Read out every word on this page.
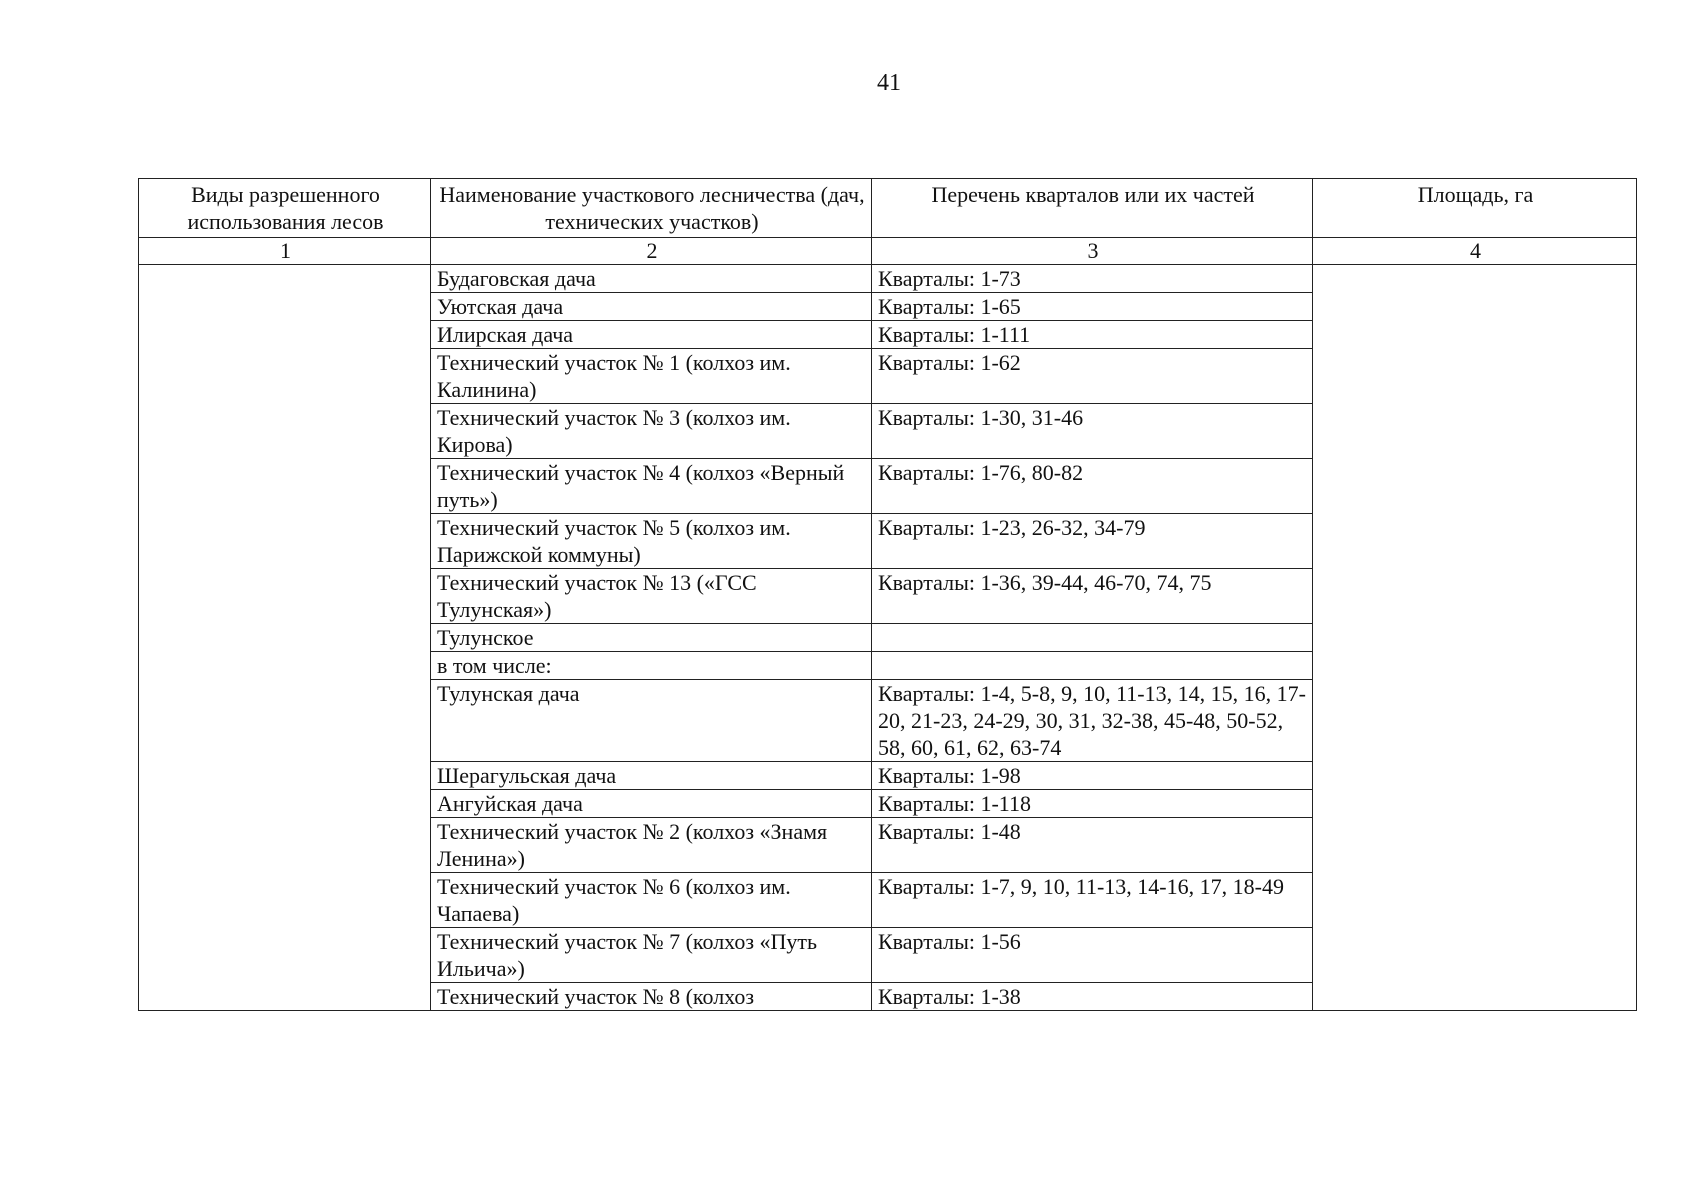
41
Виды разрешенного использования лесов	Наименование участкового лесничества (дач, технических участков)	Перечень кварталов или их частей	Площадь, га
1	2	3	4
	Будаговская дача	Кварталы: 1-73	
	Уютская дача	Кварталы: 1-65	
	Илирская дача	Кварталы: 1-111	
	Технический участок № 1 (колхоз им. Калинина)	Кварталы: 1-62	
	Технический участок № 3 (колхоз им. Кирова)	Кварталы: 1-30, 31-46	
	Технический участок № 4 (колхоз «Верный путь»)	Кварталы: 1-76, 80-82	
	Технический участок № 5 (колхоз им. Парижской коммуны)	Кварталы: 1-23, 26-32, 34-79	
	Технический участок № 13 («ГСС Тулунская»)	Кварталы: 1-36, 39-44, 46-70, 74, 75	
	Тулунское		
	в том числе:		
	Тулунская дача	Кварталы: 1-4, 5-8, 9, 10, 11-13, 14, 15, 16, 17-20, 21-23, 24-29, 30, 31, 32-38, 45-48, 50-52, 58, 60, 61, 62, 63-74	
	Шерагульская дача	Кварталы: 1-98	
	Ангуйская дача	Кварталы: 1-118	
	Технический участок № 2 (колхоз «Знамя Ленина»)	Кварталы: 1-48	
	Технический участок № 6 (колхоз им. Чапаева)	Кварталы: 1-7, 9, 10, 11-13, 14-16, 17, 18-49	
	Технический участок № 7 (колхоз «Путь Ильича»)	Кварталы: 1-56	
	Технический участок № 8 (колхоз	Кварталы: 1-38	
